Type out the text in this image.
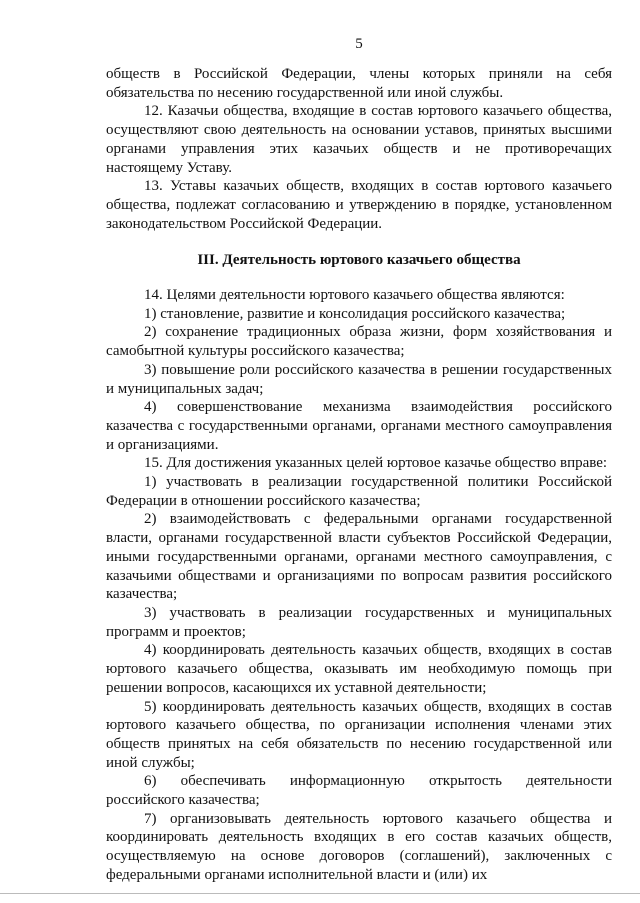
5

обществ в Российской Федерации, члены которых приняли на себя обязательства по несению государственной или иной службы.

12. Казачьи общества, входящие в состав юртового казачьего общества, осуществляют свою деятельность на основании уставов, принятых высшими органами управления этих казачьих обществ и не противоречащих настоящему Уставу.

13. Уставы казачьих обществ, входящих в состав юртового казачьего общества, подлежат согласованию и утверждению в порядке, установленном законодательством Российской Федерации.

III. Деятельность юртового казачьего общества

14. Целями деятельности юртового казачьего общества являются:

1) становление, развитие и консолидация российского казачества;

2) сохранение традиционных образа жизни, форм хозяйствования и самобытной культуры российского казачества;

3) повышение роли российского казачества в решении государственных и муниципальных задач;

4) совершенствование механизма взаимодействия российского казачества с государственными органами, органами местного самоуправления и организациями.

15. Для достижения указанных целей юртовое казачье общество вправе:

1) участвовать в реализации государственной политики Российской Федерации в отношении российского казачества;

2) взаимодействовать с федеральными органами государственной власти, органами государственной власти субъектов Российской Федерации, иными государственными органами, органами местного самоуправления, с казачьими обществами и организациями по вопросам развития российского казачества;

3) участвовать в реализации государственных и муниципальных программ и проектов;

4) координировать деятельность казачьих обществ, входящих в состав юртового казачьего общества, оказывать им необходимую помощь при решении вопросов, касающихся их уставной деятельности;

5) координировать деятельность казачьих обществ, входящих в состав юртового казачьего общества, по организации исполнения членами этих обществ принятых на себя обязательств по несению государственной или иной службы;

6) обеспечивать информационную открытость деятельности российского казачества;

7) организовывать деятельность юртового казачьего общества и координировать деятельность входящих в его состав казачьих обществ, осуществляемую на основе договоров (соглашений), заключенных с федеральными органами исполнительной власти и (или) их
